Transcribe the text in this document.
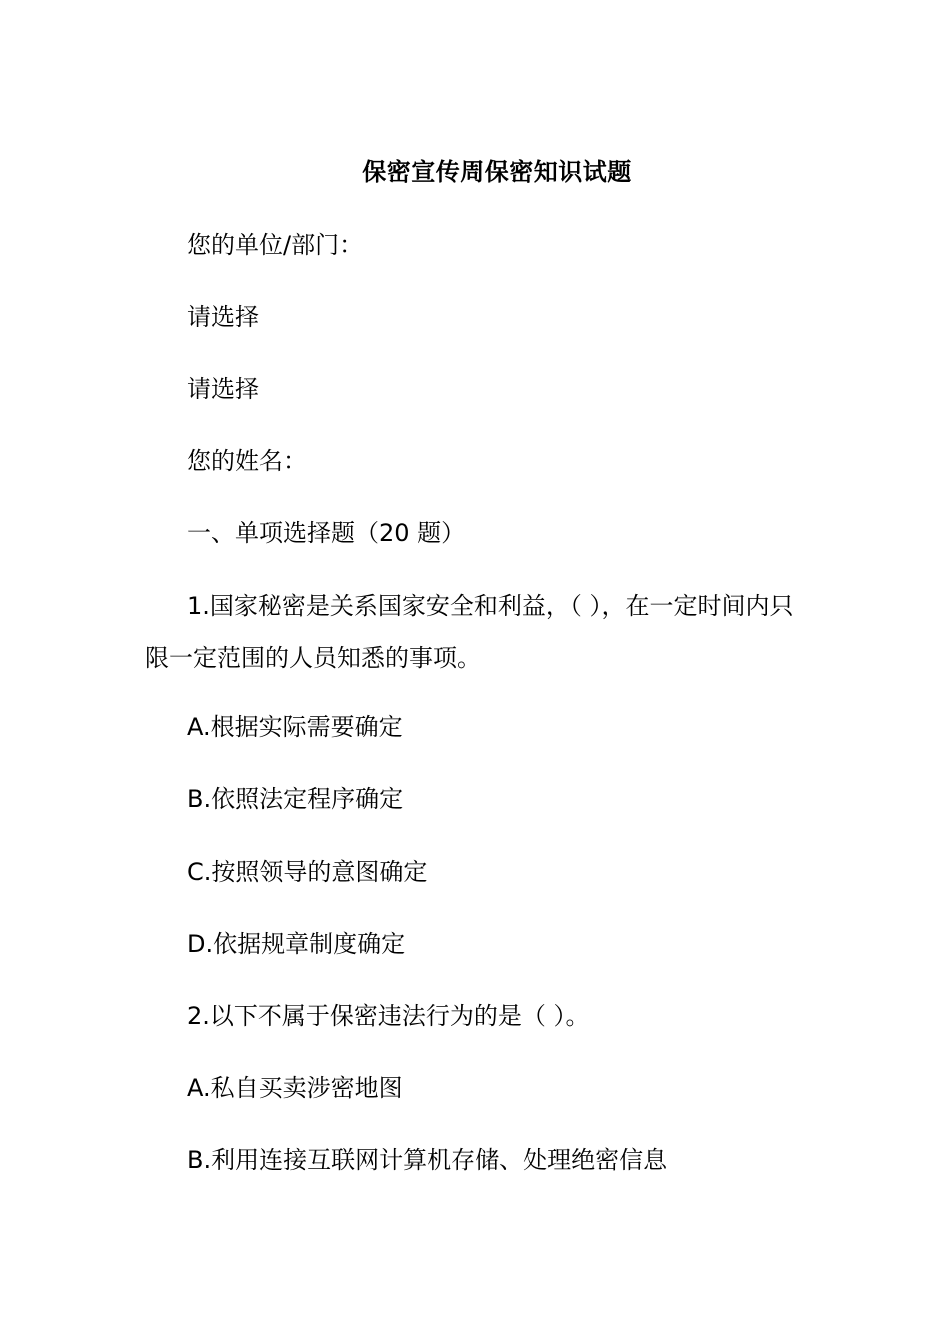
保密宣传周保密知识试题
您的单位/部门：
请选择
请选择
您的姓名：
一、单项选择题（20 题）
1.国家秘密是关系国家安全和利益，（ ），在一定时间内只限一定范围的人员知悉的事项。
A.根据实际需要确定
B.依照法定程序确定
C.按照领导的意图确定
D.依据规章制度确定
2.以下不属于保密违法行为的是（ ）。
A.私自买卖涉密地图
B.利用连接互联网计算机存储、处理绝密信息
